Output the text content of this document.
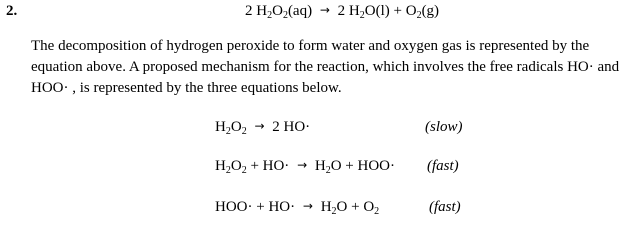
2.	2 $H_2O_2(aq) \to 2$ $H_2O(l) + O_2(g)$
The decomposition of hydrogen peroxide to form water and oxygen gas is represented by the equation above. A proposed mechanism for the reaction, which involves the free radicals HO· and HOO· , is represented by the three equations below.
$H_2O_2 \to 2$ HO·	(slow)
$H_2O_2 + HO\cdot \to H_2O + HOO\cdot$ (fast)
$HOO\cdot + HO\cdot \to H_2O + O_2$	(fast)
